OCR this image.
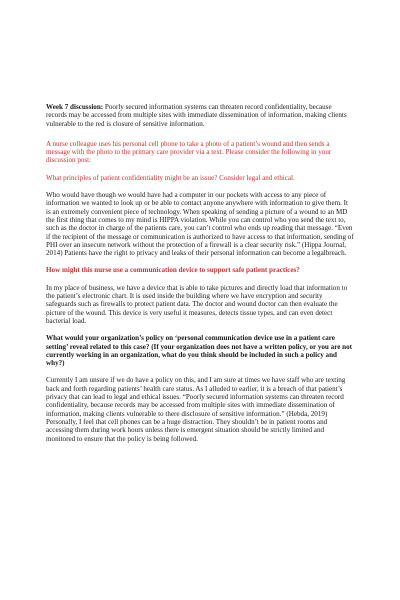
Week 7 discussion: Poorly secured information systems can threaten record confidentiality, because records may be accessed from multiple sites with immediate dissemination of information, making clients vulnerable to the red is closure of sensitive information.

A nurse colleague uses his personal cell phone to take a photo of a patient’s wound and then sends a message with the photo to the primary care provider via a text. Please consider the following in your discussion post:

What principles of patient confidentiality might be an issue? Consider legal and ethical.

Who would have though we would have had a computer in our pockets with access to any piece of information we wanted to look up or be able to contact anyone anywhere with information to give them. It is an extremely convenient piece of technology. When speaking of sending a picture of a wound to an MD the first thing that comes to my mind is HIPPA violation. While you can control who you send the text to, such as the doctor in charge of the patients care, you can’t control who ends up reading that message. “Even if the recipient of the message or communication is authorized to have access to that information, sending of PHI over an insecure network without the protection of a firewall is a clear security risk.” (Hippa Journal, 2014) Patients have the right to privacy and leaks of their personal information can become a legalbreach.

How might this nurse use a communication device to support safe patient practices?

In my place of business, we have a device that is able to take pictures and directly load that information to the patient’s electronic chart. It is used inside the building where we have encryption and security safeguards such as firewalls to protect patient data. The doctor and wound doctor can then evaluate the picture of the wound. This device is very useful it measures, detects tissue types, and can even detect bacterial load.

What would your organization’s policy on ‘personal communication device use in a patient care setting’ reveal related to this case? (If your organization does not have a written policy, or you are not currently working in an organization, what do you think should be included in such a policy and why?)

Currently I am unsure if we do have a policy on this, and I am sure at times we have staff who are texting back and forth regarding patients’ health care status. As I alluded to earlier, it is a breach of that patient’s privacy that can lead to legal and ethical issues. “Poorly secured information systems can threaten record confidentiality, because records may be accessed from multiple sites with immediate dissemination of information, making clients vulnerable to there disclosure of sensitive information.” (Hebda, 2019) Personally, I feel that cell phones can be a huge distraction. They shouldn’t be in patient rooms and accessing them during work hours unless there is emergent situation should be strictly limited and monitored to ensure that the policy is being followed.
